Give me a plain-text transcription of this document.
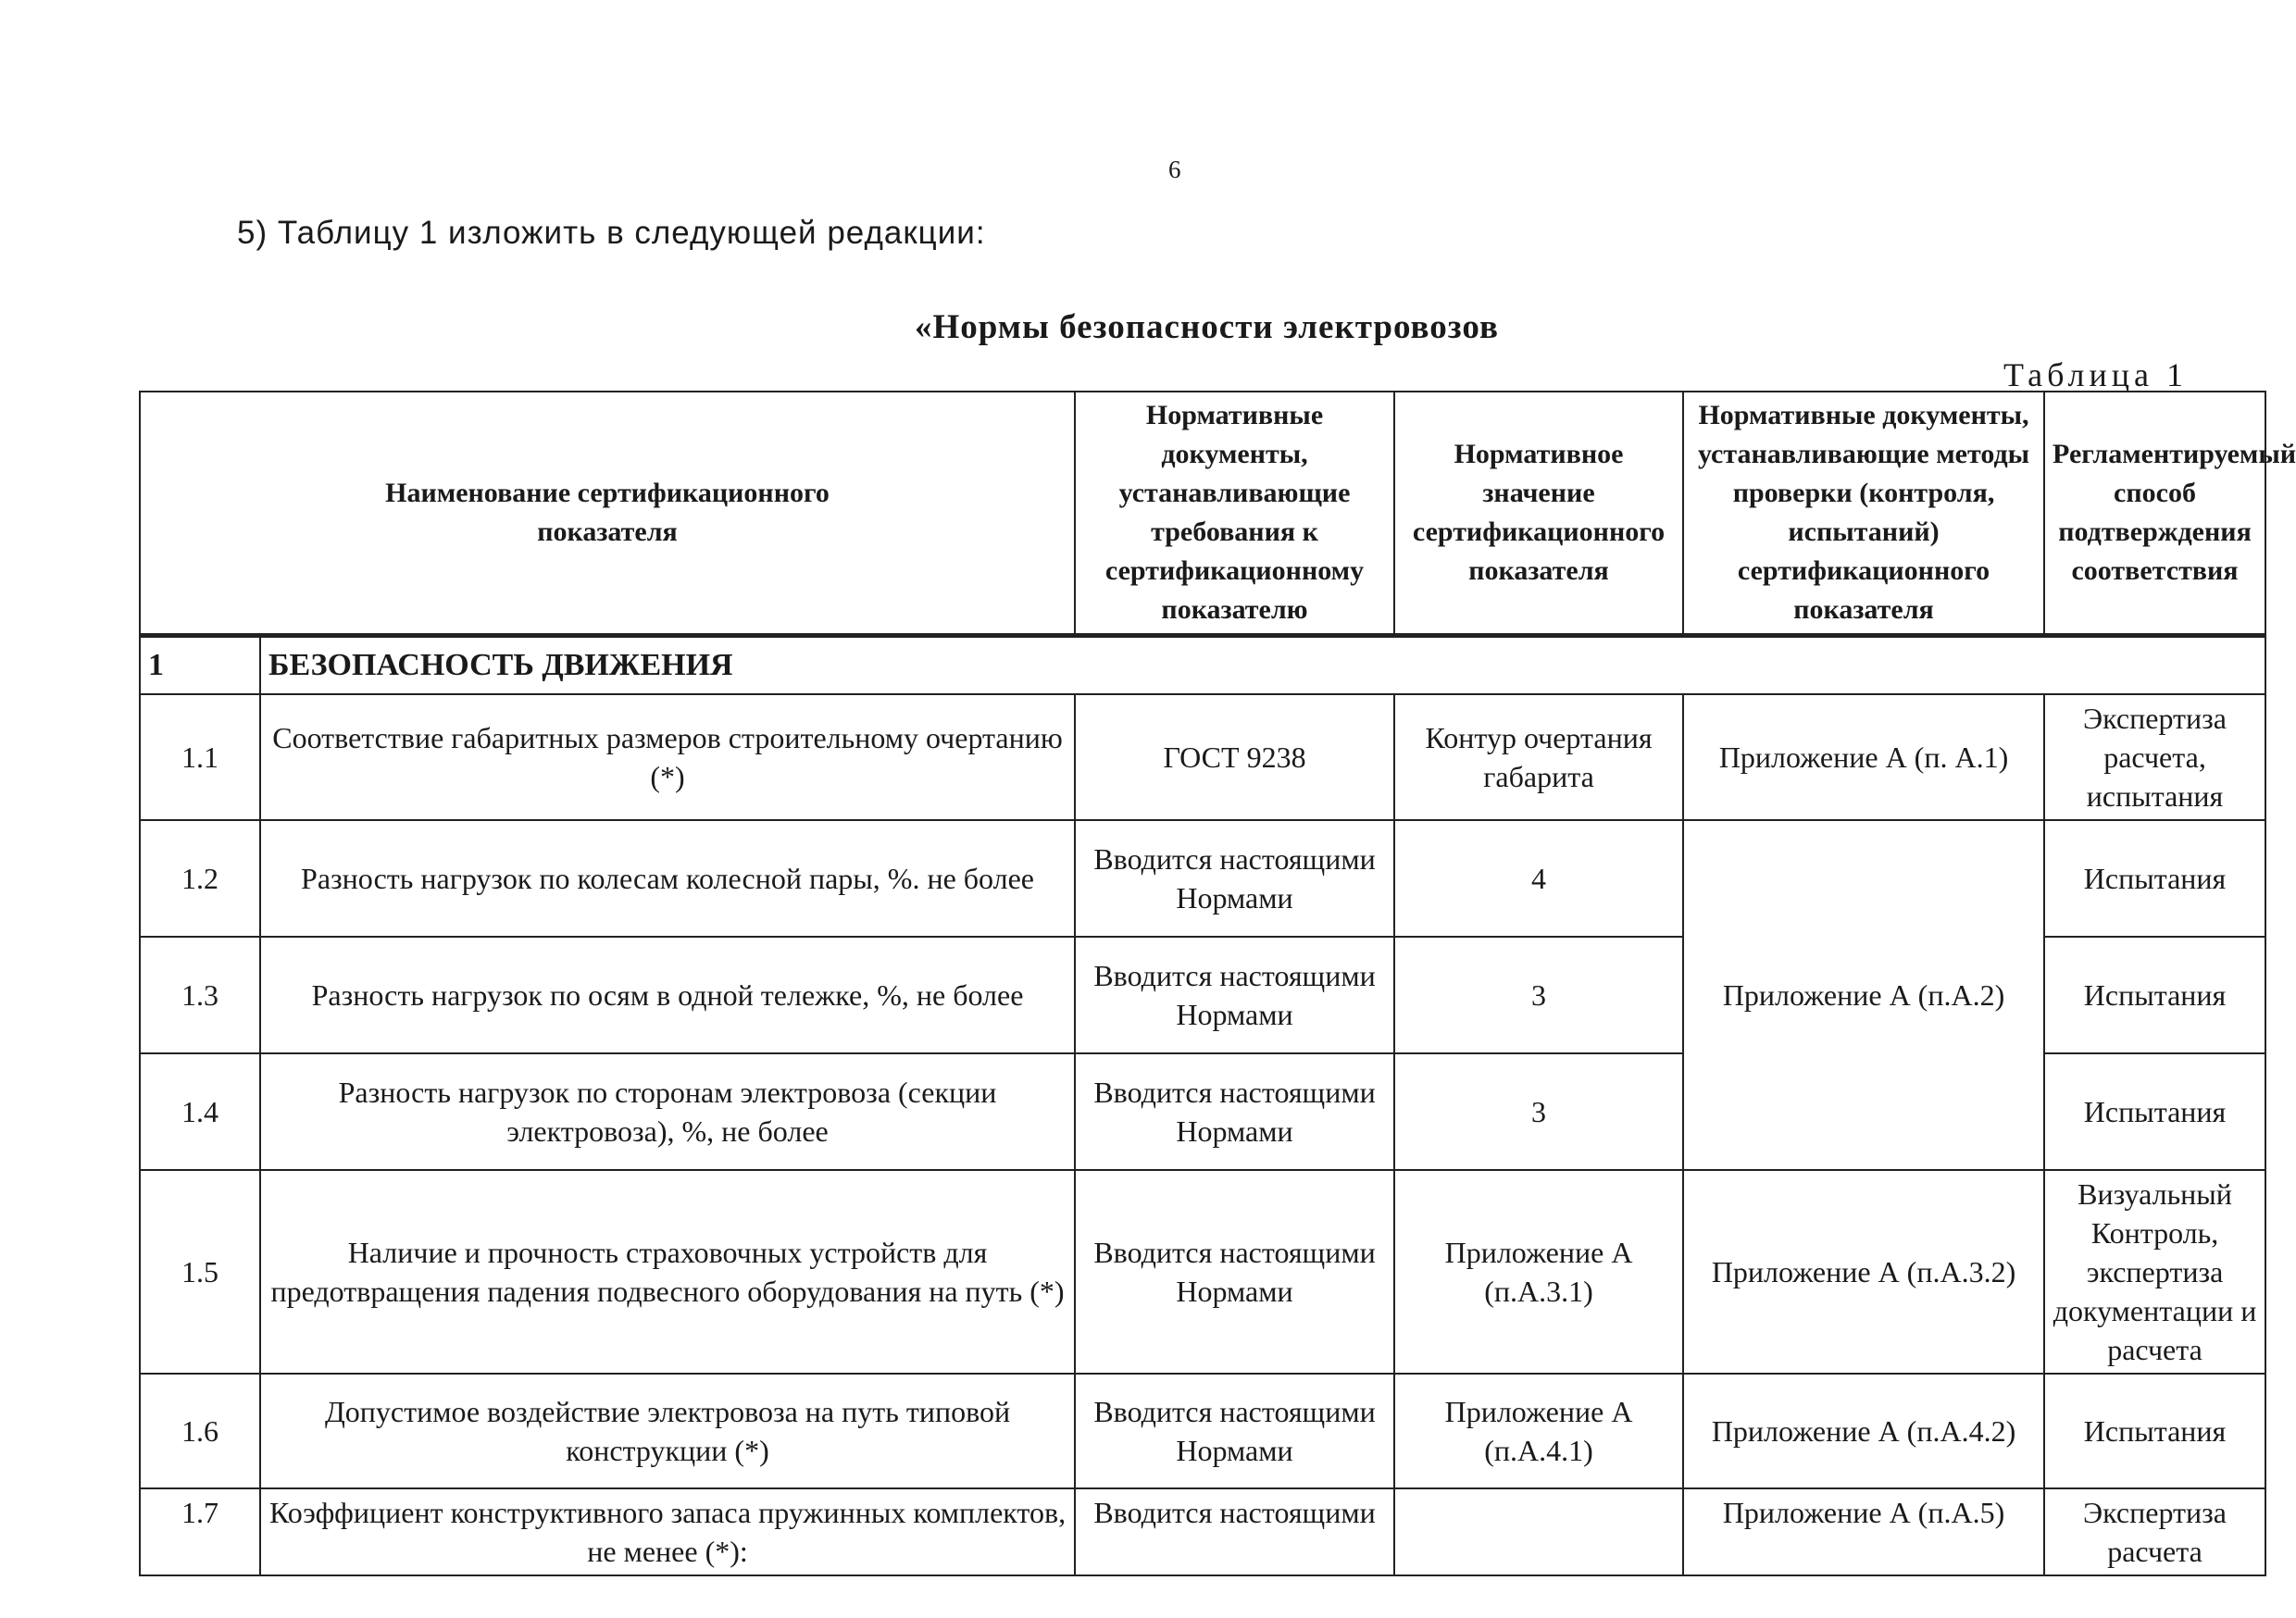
6
5) Таблицу 1 изложить в следующей редакции:
«Нормы безопасности электровозов
Таблица 1
Наименование сертификационного показателя		Нормативные документы, устанавливающие требования к сертификационному показателю	Нормативное значение сертификационного показателя	Нормативные документы, устанавливающие методы проверки (контроля, испытаний) сертификационного показателя	Регламентируемый способ подтверждения соответствия
1	БЕЗОПАСНОСТЬ ДВИЖЕНИЯ				
1.1	Соответствие габаритных размеров строительному очертанию (*)	ГОСТ 9238	Контур очертания габарита	Приложение А (п. А.1)	Экспертиза расчета, испытания
1.2	Разность нагрузок по колесам колесной пары, %. не более	Вводится настоящими Нормами	4	Приложение А (п.А.2)	Испытания
1.3	Разность нагрузок по осям в одной тележке, %, не более	Вводится настоящими Нормами	3		Испытания
1.4	Разность нагрузок по сторонам электровоза (секции электровоза), %, не более	Вводится настоящими Нормами	3		Испытания
1.5	Наличие и прочность страховочных устройств для предотвращения падения подвесного оборудования на путь (*)	Вводится настоящими Нормами	Приложение А (п.А.3.1)	Приложение А (п.А.3.2)	Визуальный Контроль, экспертиза документации и расчета
1.6	Допустимое воздействие электровоза на путь типовой конструкции (*)	Вводится настоящими Нормами	Приложение А (п.А.4.1)	Приложение А (п.А.4.2)	Испытания
1.7	Коэффициент конструктивного запаса пружинных комплектов, не менее (*):	Вводится настоящими		Приложение А (п.А.5)	Экспертиза расчета
